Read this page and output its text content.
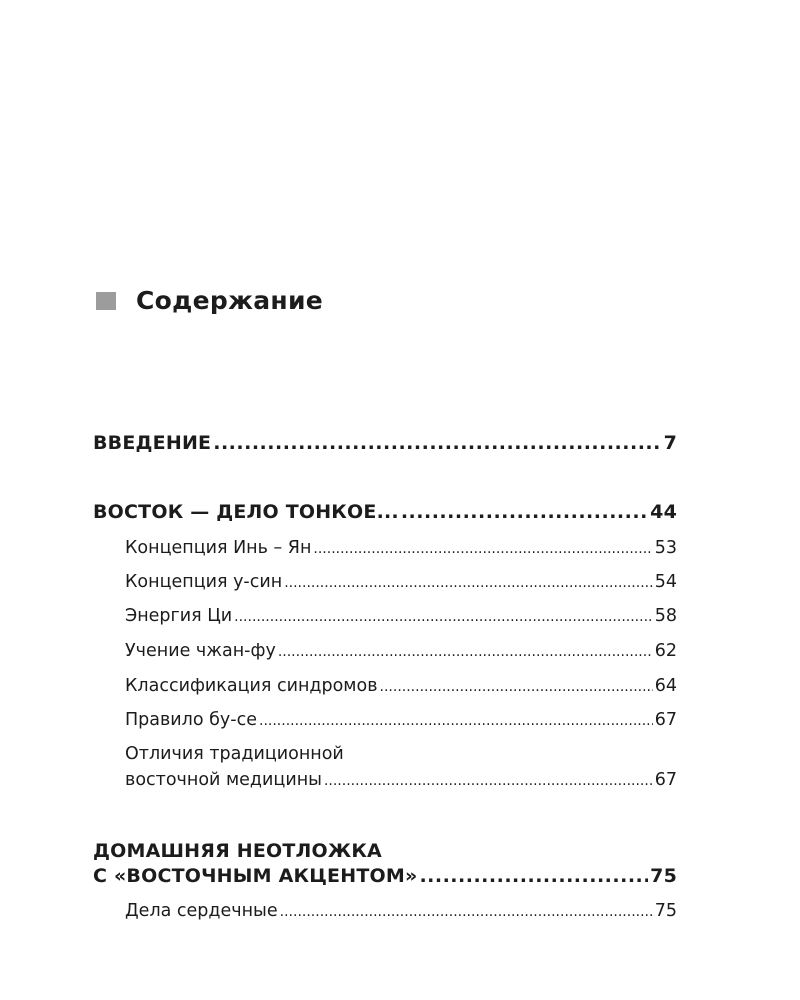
Содержание
ВВЕДЕНИЕ .....	7
ВОСТОК — ДЕЛО ТОНКОЕ... .....	44
Концепция Инь – Ян .....	53
Концепция у-син .....	54
Энергия Ци .....	58
Учение чжан-фу .....	62
Классификация синдромов .....	64
Правило бу-се .....	67
Отличия традиционной
восточной медицины .....	67
ДОМАШНЯЯ НЕОТЛОЖКА
С «ВОСТОЧНЫМ АКЦЕНТОМ» .....	75
Дела сердечные .....	75
